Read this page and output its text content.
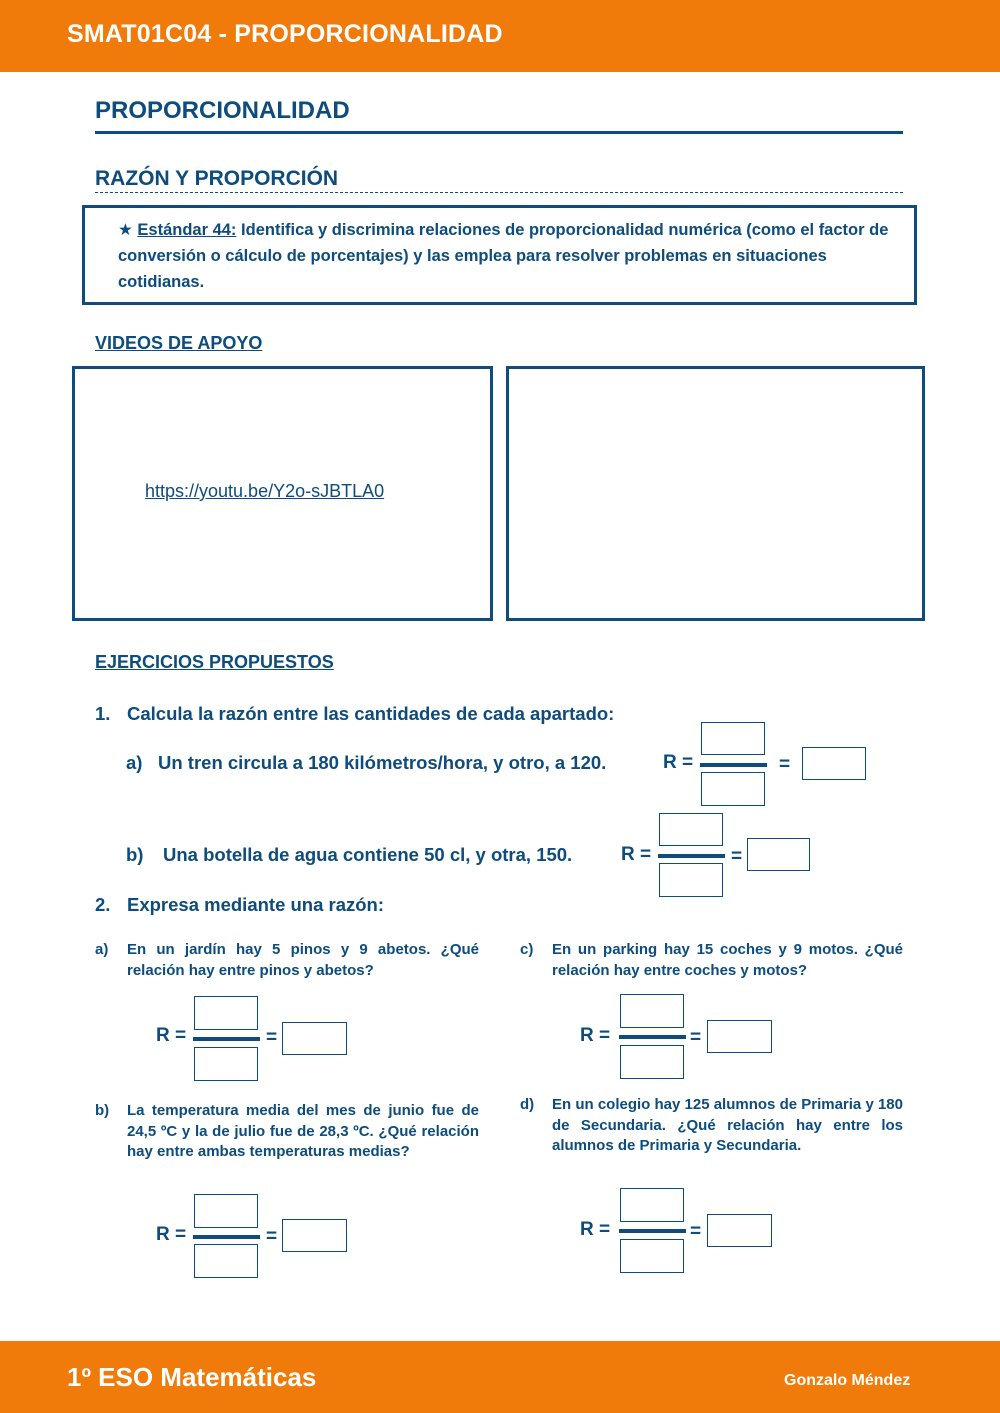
SMAT01C04 - PROPORCIONALIDAD
PROPORCIONALIDAD
RAZÓN Y PROPORCIÓN
★ Estándar 44: Identifica y discrimina relaciones de proporcionalidad numérica (como el factor de conversión o cálculo de porcentajes) y las emplea para resolver problemas en situaciones cotidianas.
VIDEOS DE APOYO
https://youtu.be/Y2o-sJBTLA0
EJERCICIOS PROPUESTOS
1. Calcula la razón entre las cantidades de cada apartado:
a) Un tren circula a 180 kilómetros/hora, y otro, a 120.	R =	=
b) Una botella de agua contiene 50 cl, y otra, 150.	R =	=
2. Expresa mediante una razón:
a) En un jardín hay 5 pinos y 9 abetos. ¿Qué relación hay entre pinos y abetos?
R =	=
b) La temperatura media del mes de junio fue de 24,5 ºC y la de julio fue de 28,3 ºC. ¿Qué relación hay entre ambas temperaturas medias?
R =	=
c) En un parking hay 15 coches y 9 motos. ¿Qué relación hay entre coches y motos?
R =	=
d) En un colegio hay 125 alumnos de Primaria y 180 de Secundaria. ¿Qué relación hay entre los alumnos de Primaria y Secundaria.
R =	=
1º ESO Matemáticas	Gonzalo Méndez
